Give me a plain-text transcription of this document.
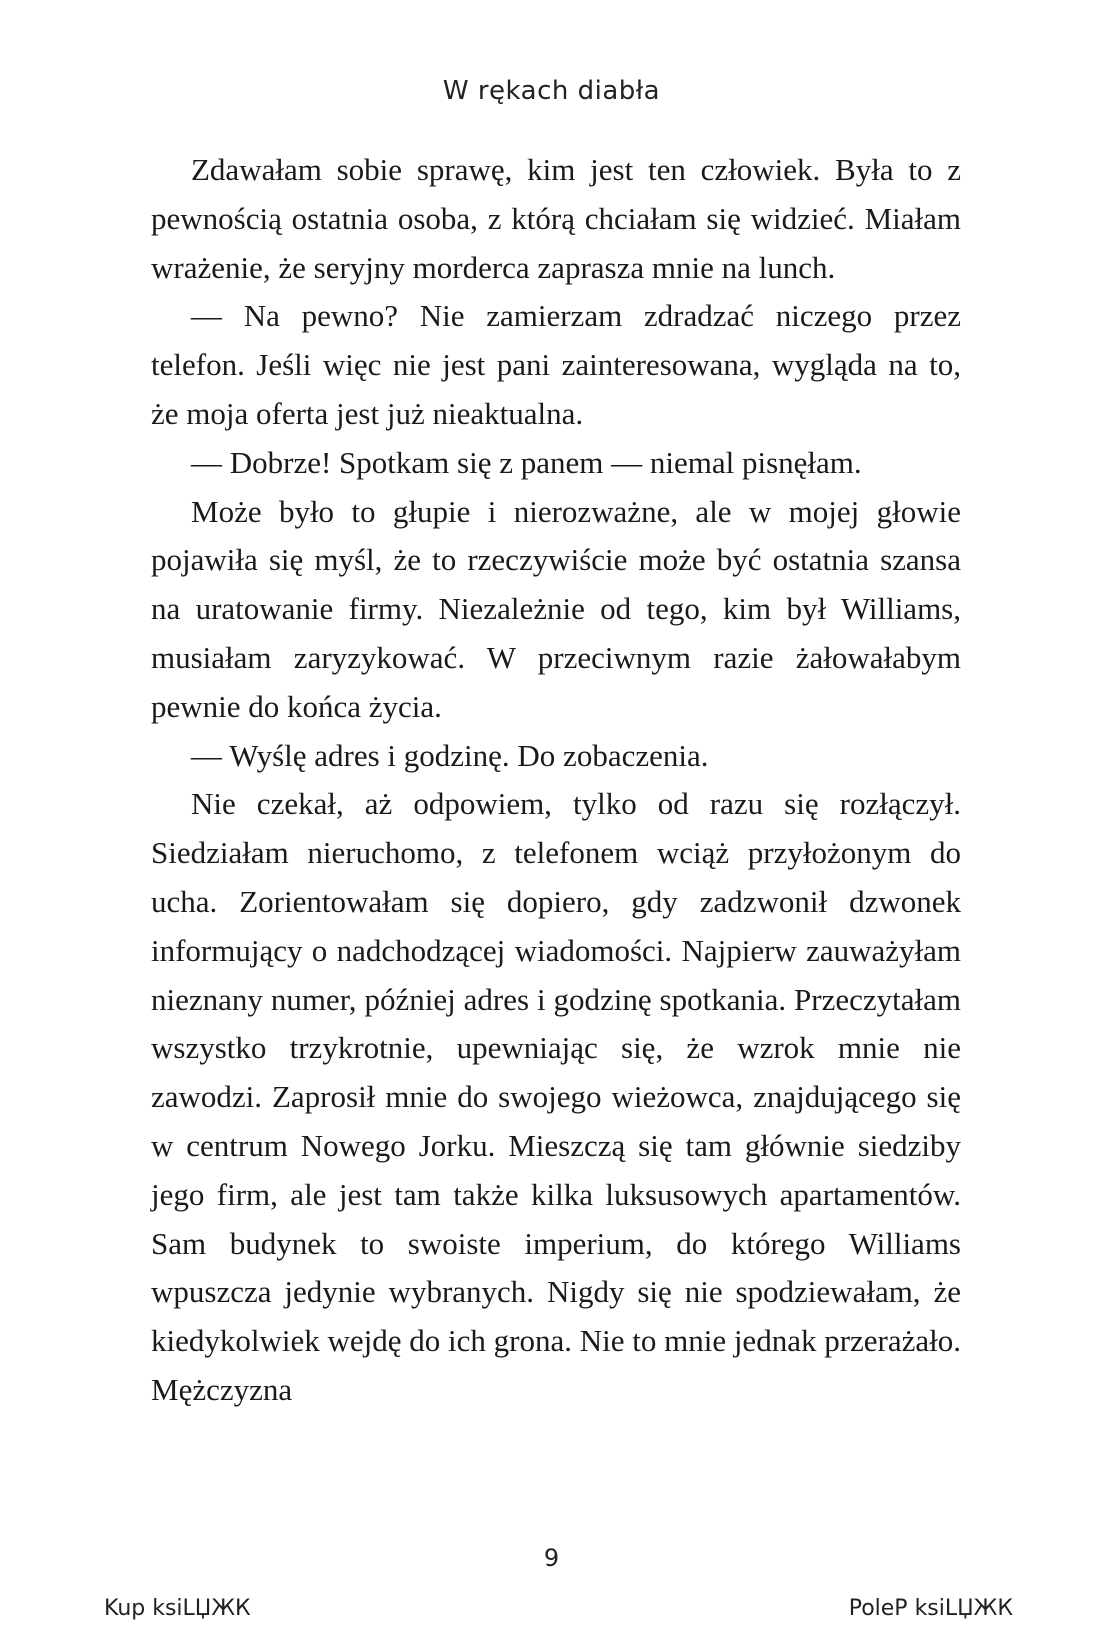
W rękach diabła

Zdawałam sobie sprawę, kim jest ten człowiek. Była to z pewnością ostatnia osoba, z którą chciałam się widzieć. Miałam wrażenie, że seryjny morderca zaprasza mnie na lunch.

— Na pewno? Nie zamierzam zdradzać niczego przez telefon. Jeśli więc nie jest pani zainteresowana, wygląda na to, że moja oferta jest już nieaktualna.

— Dobrze! Spotkam się z panem — niemal pisnęłam.

Może było to głupie i nierozważne, ale w mojej głowie pojawiła się myśl, że to rzeczywiście może być ostatnia szansa na uratowanie firmy. Niezależnie od tego, kim był Williams, musiałam zaryzykować. W przeciwnym razie żałowałabym pewnie do końca życia.

— Wyślę adres i godzinę. Do zobaczenia.

Nie czekał, aż odpowiem, tylko od razu się rozłączył. Siedziałam nieruchomo, z telefonem wciąż przyłożonym do ucha. Zorientowałam się dopiero, gdy zadzwonił dzwonek informujący o nadchodzącej wiadomości. Najpierw zauważyłam nieznany numer, później adres i godzinę spotkania. Przeczytałam wszystko trzykrotnie, upewniając się, że wzrok mnie nie zawodzi. Zaprosił mnie do swojego wieżowca, znajdującego się w centrum Nowego Jorku. Mieszczą się tam głównie siedziby jego firm, ale jest tam także kilka luksusowych apartamentów. Sam budynek to swoiste imperium, do którego Williams wpuszcza jedynie wybranych. Nigdy się nie spodziewałam, że kiedykolwiek wejdę do ich grona. Nie to mnie jednak przerażało. Mężczyzna

9
Kup ksiLЏЖК	PoleP ksiLЏЖК
